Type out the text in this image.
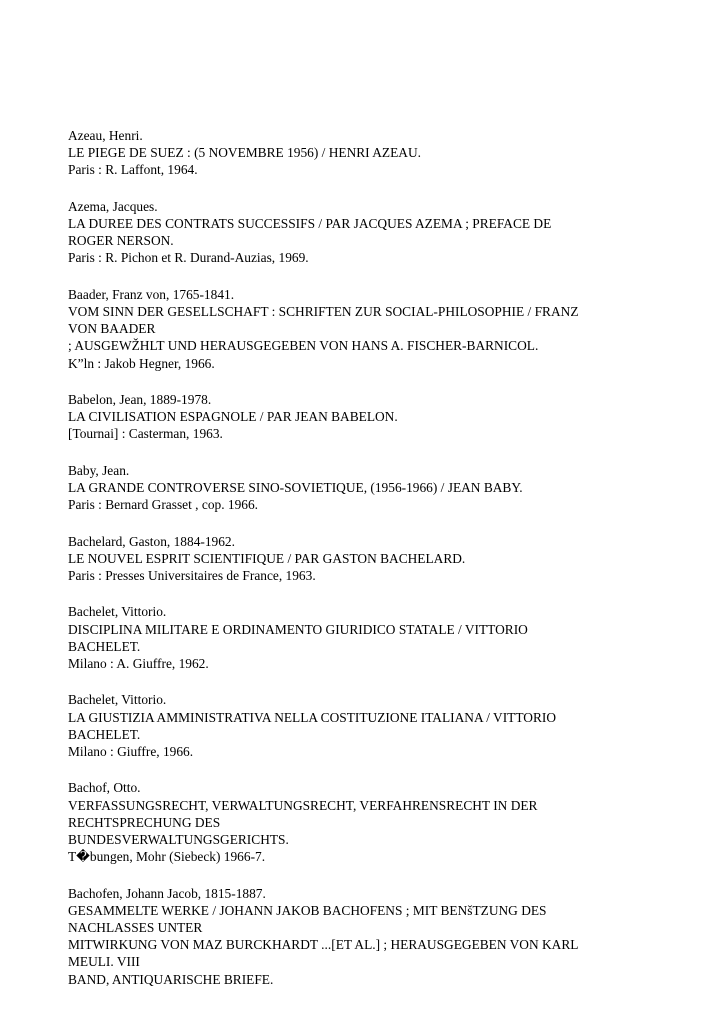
Azeau, Henri.
LE PIEGE DE SUEZ : (5 NOVEMBRE 1956) / HENRI AZEAU.
Paris : R. Laffont, 1964.
Azema, Jacques.
LA DUREE DES CONTRATS SUCCESSIFS / PAR JACQUES AZEMA ; PREFACE DE
ROGER NERSON.
Paris : R. Pichon et R. Durand-Auzias, 1969.
Baader, Franz von, 1765-1841.
VOM SINN DER GESELLSCHAFT : SCHRIFTEN ZUR SOCIAL-PHILOSOPHIE / FRANZ
VON BAADER
; AUSGEWŽHLT UND HERAUSGEGEBEN VON HANS A. FISCHER-BARNICOL.
K”ln : Jakob Hegner, 1966.
Babelon, Jean, 1889-1978.
LA CIVILISATION ESPAGNOLE / PAR JEAN BABELON.
[Tournai] : Casterman, 1963.
Baby, Jean.
LA GRANDE CONTROVERSE SINO-SOVIETIQUE, (1956-1966) / JEAN BABY.
Paris : Bernard Grasset , cop. 1966.
Bachelard, Gaston, 1884-1962.
LE NOUVEL ESPRIT SCIENTIFIQUE / PAR GASTON BACHELARD.
Paris : Presses Universitaires de France, 1963.
Bachelet, Vittorio.
DISCIPLINA MILITARE E ORDINAMENTO GIURIDICO STATALE / VITTORIO
BACHELET.
Milano : A. Giuffre, 1962.
Bachelet, Vittorio.
LA GIUSTIZIA AMMINISTRATIVA NELLA COSTITUZIONE ITALIANA / VITTORIO
BACHELET.
Milano : Giuffre, 1966.
Bachof, Otto.
VERFASSUNGSRECHT, VERWALTUNGSRECHT, VERFAHRENSRECHT IN DER
RECHTSPRECHUNG DES
BUNDESVERWALTUNGSGERICHTS.
T�bungen, Mohr (Siebeck) 1966-7.
Bachofen, Johann Jacob, 1815-1887.
GESAMMELTE WERKE / JOHANN JAKOB BACHOFENS ; MIT BENšTZUNG DES
NACHLASSES UNTER
MITWIRKUNG VON MAZ BURCKHARDT ...[ET AL.] ; HERAUSGEGEBEN VON KARL
MEULI. VIII
BAND, ANTIQUARISCHE BRIEFE.
